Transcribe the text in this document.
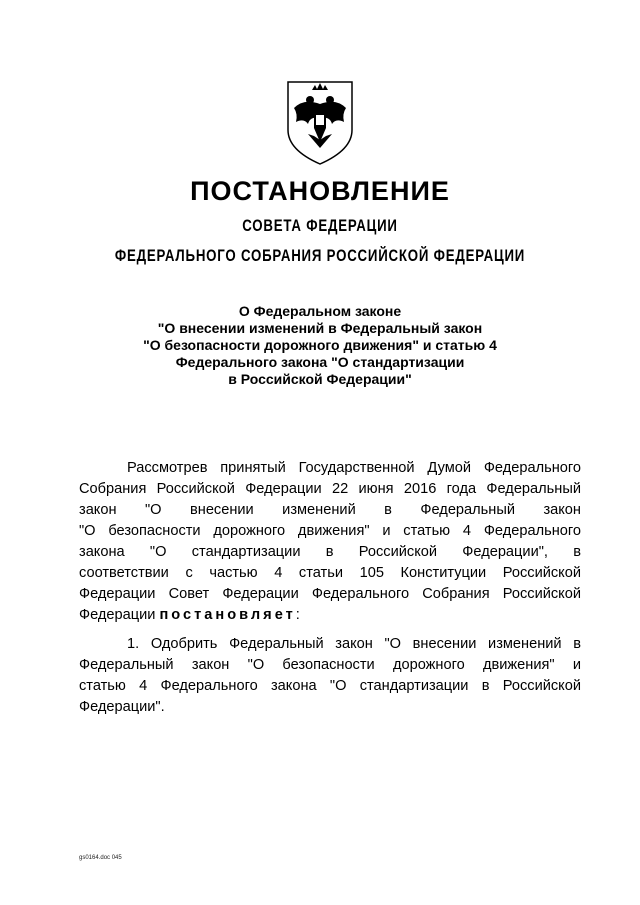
ПОСТАНОВЛЕНИЕ
СОВЕТА ФЕДЕРАЦИИ
ФЕДЕРАЛЬНОГО СОБРАНИЯ РОССИЙСКОЙ ФЕДЕРАЦИИ
О Федеральном законе
"О внесении изменений в Федеральный закон
"О безопасности дорожного движения" и статью 4
Федерального закона "О стандартизации
в Российской Федерации"
Рассмотрев принятый Государственной Думой Федерального
Собрания Российской Федерации 22 июня 2016 года Федеральный
закон "О внесении изменений в Федеральный закон
"О безопасности дорожного движения" и статью 4 Федерального
закона "О стандартизации в Российской Федерации", в
соответствии с частью 4 статьи 105 Конституции Российской
Федерации Совет Федерации Федерального Собрания Российской
Федерации постановляет:
1. Одобрить Федеральный закон "О внесении изменений в
Федеральный закон "О безопасности дорожного движения" и
статью 4 Федерального закона "О стандартизации в Российской
Федерации".
gs0164.doc 045
